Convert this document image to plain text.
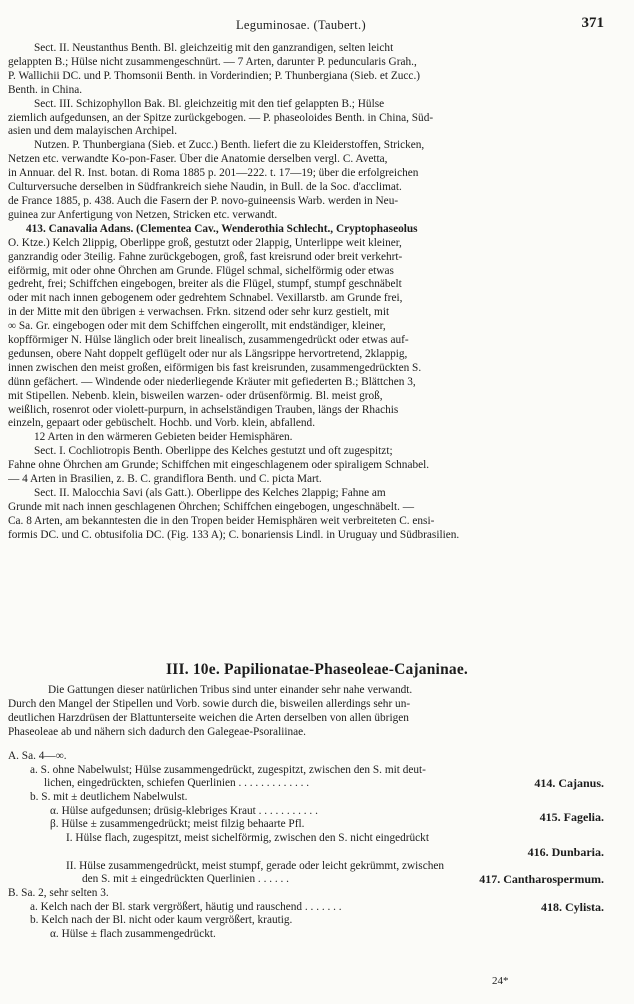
Leguminosae. (Taubert.)	371
Sect. II. Neustanthus Benth. Bl. gleichzeitig mit den ganzrandigen, selten leicht
gelappten B.; Hülse nicht zusammengeschnürt. — 7 Arten, darunter P. peduncularis Grah.,
P. Wallichii DC. und P. Thomsonii Benth. in Vorderindien; P. Thunbergiana (Sieb. et Zucc.)
Benth. in China.
Sect. III. Schizophyllon Bak. Bl. gleichzeitig mit den tief gelappten B.; Hülse
ziemlich aufgedunsen, an der Spitze zurückgebogen. — P. phaseoloides Benth. in China, Süd-
asien und dem malayischen Archipel.
Nutzen. P. Thunbergiana (Sieb. et Zucc.) Benth. liefert die zu Kleiderstoffen, Stricken,
Netzen etc. verwandte Ko-pon-Faser. Über die Anatomie derselben vergl. C. Avetta,
in Annuar. del R. Inst. botan. di Roma 1885 p. 201—222. t. 17—19; über die erfolgreichen
Culturversuche derselben in Südfrankreich siehe Naudin, in Bull. de la Soc. d'acclimat.
de France 1885, p. 438. Auch die Fasern der P. novo-guineensis Warb. werden in Neu-
guinea zur Anfertigung von Netzen, Stricken etc. verwandt.
413. Canavalia Adans. (Clementea Cav., Wenderothia Schlecht., Cryptophaseolus
O. Ktze.) Kelch 2lippig, Oberlippe groß, gestutzt oder 2lappig, Unterlippe weit kleiner,
ganzrandig oder 3teilig. Fahne zurückgebogen, groß, fast kreisrund oder breit verkehrt-
eiförmig, mit oder ohne Öhrchen am Grunde. Flügel schmal, sichelförmig oder etwas
gedreht, frei; Schiffchen eingebogen, breiter als die Flügel, stumpf, stumpf geschnäbelt
oder mit nach innen gebogenem oder gedrehtem Schnabel. Vexillarstb. am Grunde frei,
in der Mitte mit den übrigen ± verwachsen. Frkn. sitzend oder sehr kurz gestielt, mit
∞ Sa. Gr. eingebogen oder mit dem Schiffchen eingerollt, mit endständiger, kleiner,
kopfförmiger N. Hülse länglich oder breit linealisch, zusammengedrückt oder etwas auf-
gedunsen, obere Naht doppelt geflügelt oder nur als Längsrippe hervortretend, 2klappig,
innen zwischen den meist großen, eiförmigen bis fast kreisrunden, zusammengedrückten S.
dünn gefächert. — Windende oder niederliegende Kräuter mit gefiederten B.; Blättchen 3,
mit Stipellen. Nebenb. klein, bisweilen warzen- oder drüsenförmig. Bl. meist groß,
weißlich, rosenrot oder violett-purpurn, in achselständigen Trauben, längs der Rhachis
einzeln, gepaart oder gebüschelt. Hochb. und Vorb. klein, abfallend.
12 Arten in den wärmeren Gebieten beider Hemisphären.
Sect. I. Cochliotropis Benth. Oberlippe des Kelches gestutzt und oft zugespitzt;
Fahne ohne Öhrchen am Grunde; Schiffchen mit eingeschlagenem oder spiraligem Schnabel.
— 4 Arten in Brasilien, z. B. C. grandiflora Benth. und C. picta Mart.
Sect. II. Malocchia Savi (als Gatt.). Oberlippe des Kelches 2lappig; Fahne am
Grunde mit nach innen geschlagenen Öhrchen; Schiffchen eingebogen, ungeschnäbelt. —
Ca. 8 Arten, am bekanntesten die in den Tropen beider Hemisphären weit verbreiteten C. ensi-
formis DC. und C. obtusifolia DC. (Fig. 133 A); C. bonariensis Lindl. in Uruguay und Südbrasilien.
III. 10e. Papilionatae-Phaseoleae-Cajaninae.
Die Gattungen dieser natürlichen Tribus sind unter einander sehr nahe verwandt.
Durch den Mangel der Stipellen und Vorb. sowie durch die, bisweilen allerdings sehr un-
deutlichen Harzdrüsen der Blattunterseite weichen die Arten derselben von allen übrigen
Phaseoleae ab und nähern sich dadurch den Galegeae-Psoraliinae.
A. Sa. 4—∞.
a. S. ohne Nabelwulst; Hülse zusammengedrückt, zugespitzt, zwischen den S. mit deut-
lichen, eingedrückten, schiefen Querlinien . . . . . . . . . . . . .	414. Cajanus.
b. S. mit ± deutlichem Nabelwulst.
α. Hülse aufgedunsen; drüsig-klebriges Kraut . . . . . . . . . . .
β. Hülse ± zusammengedrückt; meist filzig behaarte Pfl.	415. Fagelia.
I. Hülse flach, zugespitzt, meist sichelförmig, zwischen den S. nicht eingedrückt
416. Dunbaria.
II. Hülse zusammengedrückt, meist stumpf, gerade oder leicht gekrümmt, zwischen
den S. mit ± eingedrückten Querlinien . . . . . .	417. Cantharospermum.
B. Sa. 2, sehr selten 3.
a. Kelch nach der Bl. stark vergrößert, häutig und rauschend . . . . . . .	418. Cylista.
b. Kelch nach der Bl. nicht oder kaum vergrößert, krautig.
α. Hülse ± flach zusammengedrückt.
24*
